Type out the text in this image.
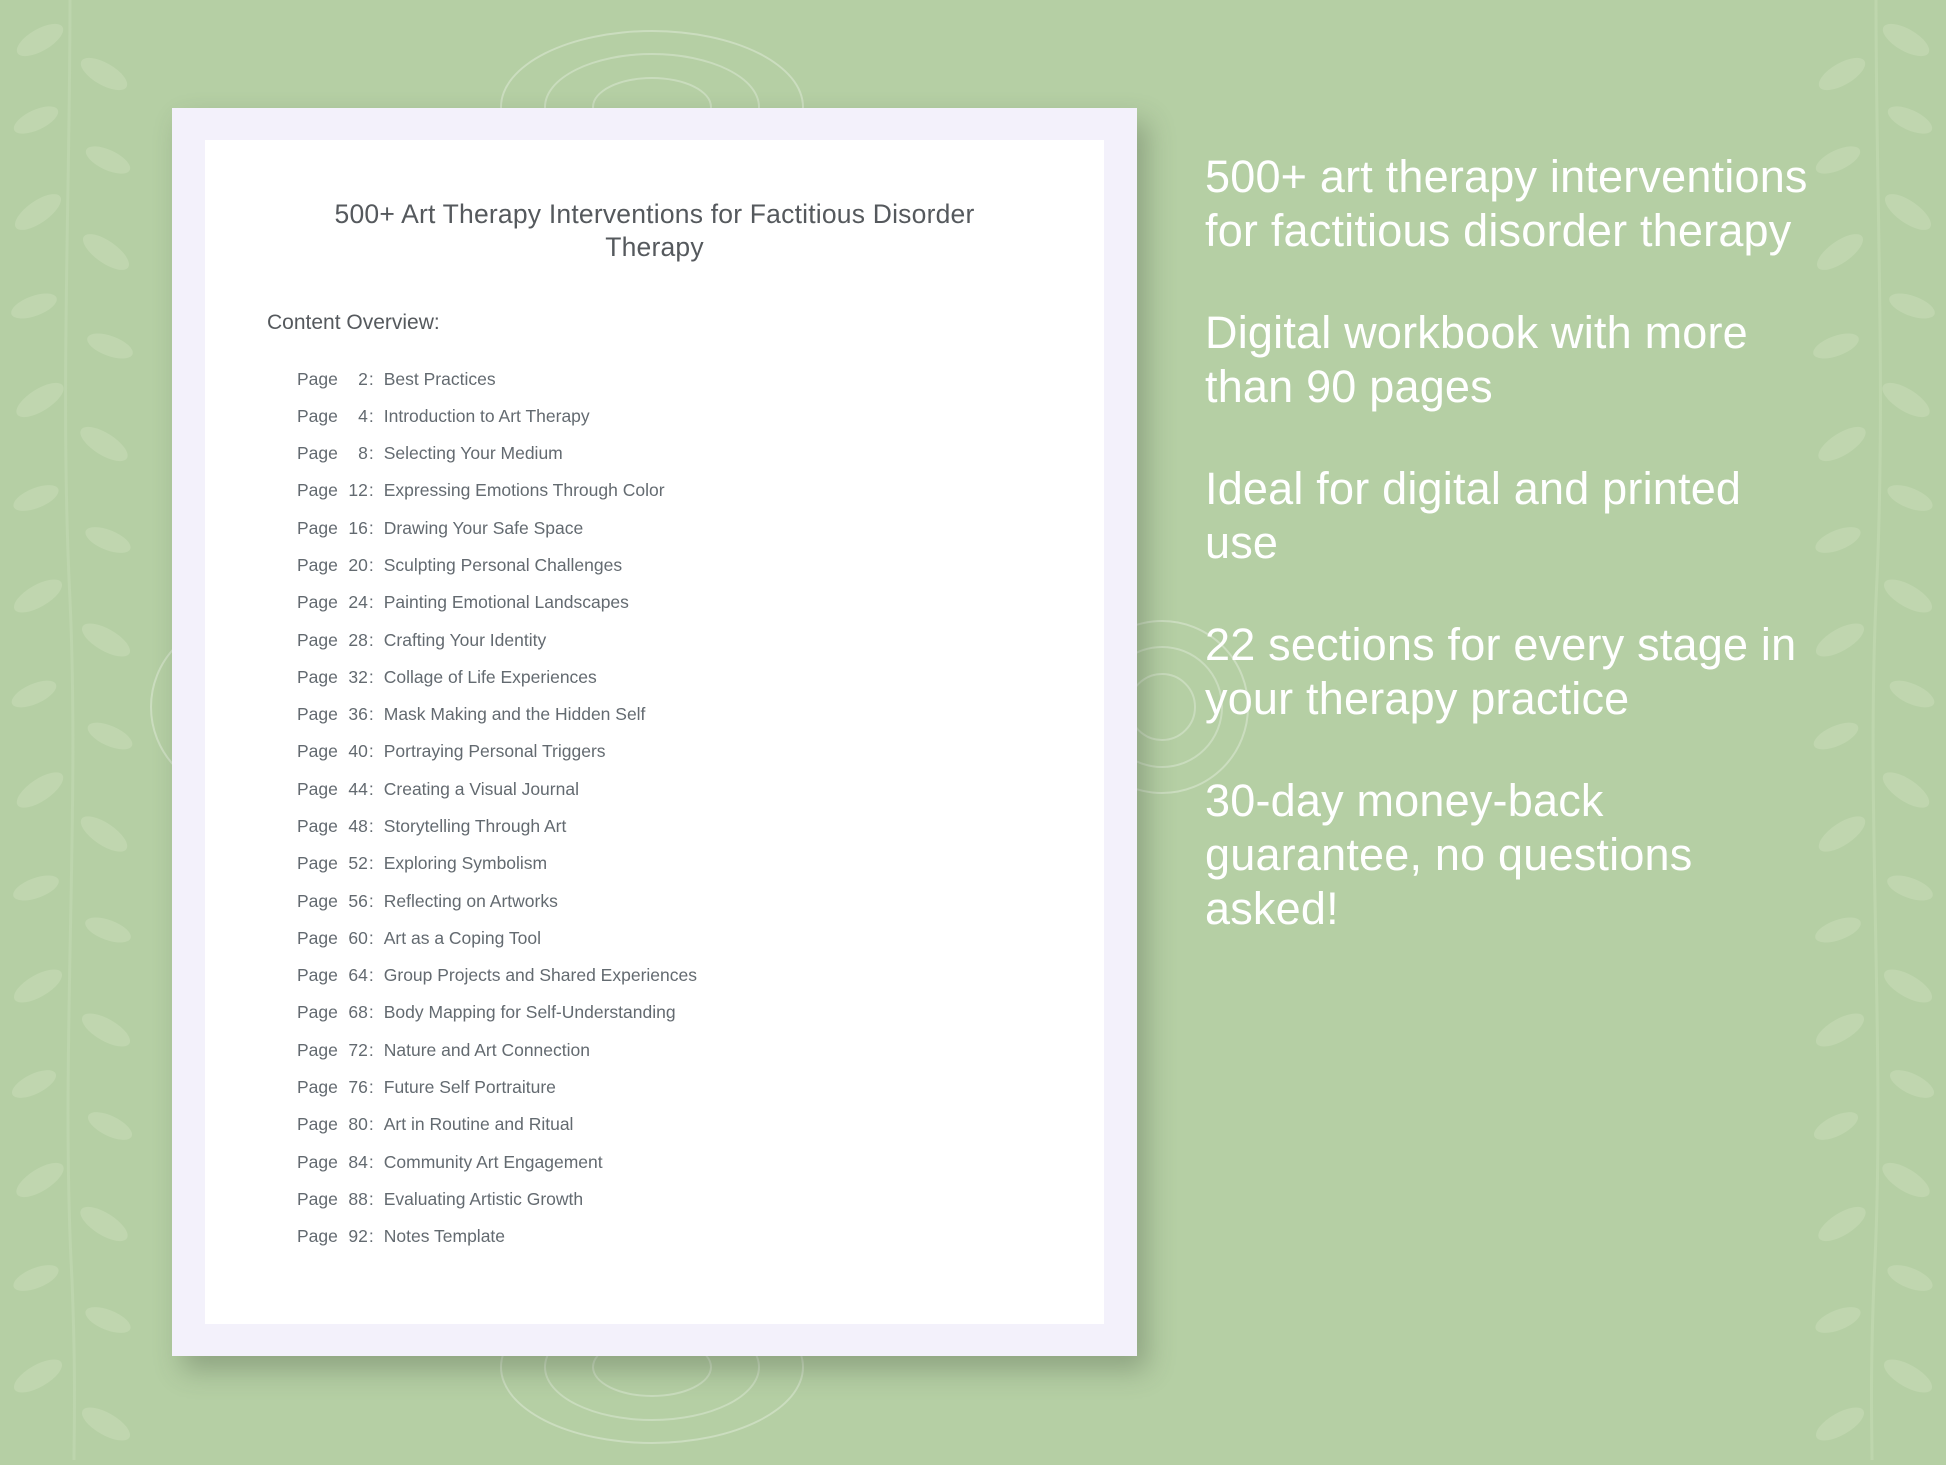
500+ Art Therapy Interventions for Factitious Disorder Therapy

Content Overview:

Page	2 : Best Practices
Page	4 : Introduction to Art Therapy
Page	8 : Selecting Your Medium
Page 12 : Expressing Emotions Through Color
Page 16 : Drawing Your Safe Space
Page 20 : Sculpting Personal Challenges
Page 24 : Painting Emotional Landscapes
Page 28 : Crafting Your Identity
Page 32 : Collage of Life Experiences
Page 36 : Mask Making and the Hidden Self
Page 40 : Portraying Personal Triggers
Page 44 : Creating a Visual Journal
Page 48 : Storytelling Through Art
Page 52 : Exploring Symbolism
Page 56 : Reflecting on Artworks
Page 60 : Art as a Coping Tool
Page 64 : Group Projects and Shared Experiences
Page 68 : Body Mapping for Self-Understanding
Page 72 : Nature and Art Connection
Page 76 : Future Self Portraiture
Page 80 : Art in Routine and Ritual
Page 84 : Community Art Engagement
Page 88 : Evaluating Artistic Growth
Page 92 : Notes Template

500+ art therapy interventions for factitious disorder therapy

Digital workbook with more than 90 pages

Ideal for digital and printed use

22 sections for every stage in your therapy practice

30-day money-back guarantee, no questions asked!
